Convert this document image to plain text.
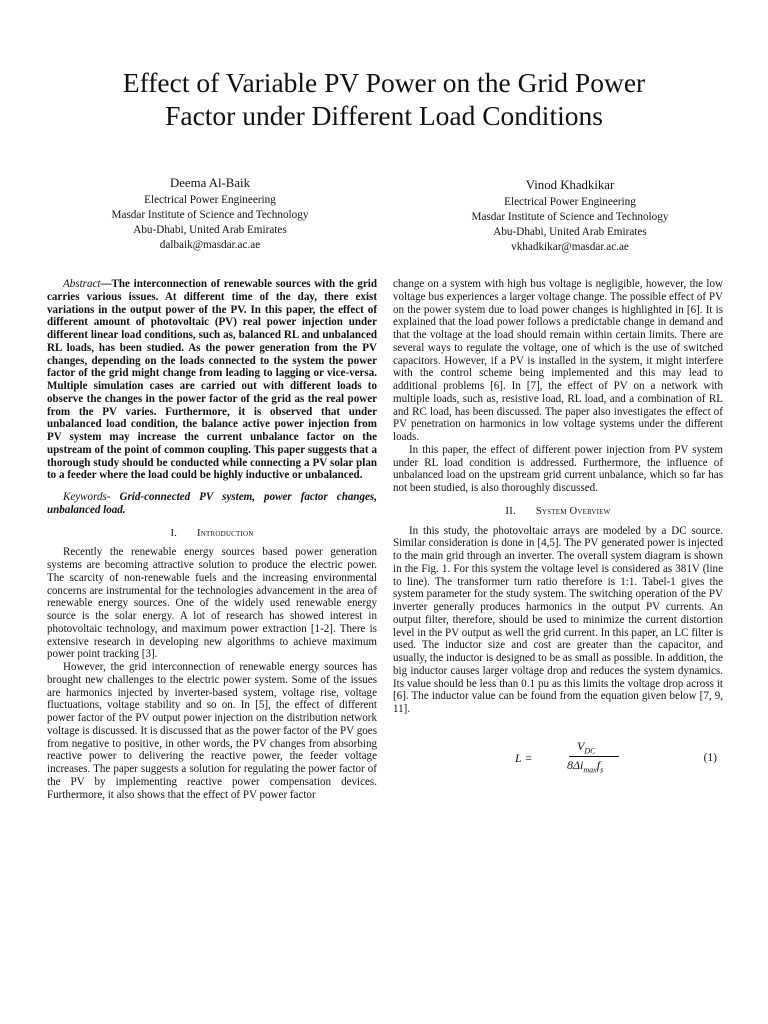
Effect of Variable PV Power on the Grid Power
Factor under Different Load Conditions
Deema Al-Baik
Electrical Power Engineering
Masdar Institute of Science and Technology
Abu-Dhabi, United Arab Emirates
dalbaik@masdar.ac.ae
Vinod Khadkikar
Electrical Power Engineering
Masdar Institute of Science and Technology
Abu-Dhabi, United Arab Emirates
vkhadkikar@masdar.ac.ae

Abstract—The interconnection of renewable sources with the grid carries various issues. At different time of the day, there exist variations in the output power of the PV. In this paper, the effect of different amount of photovoltaic (PV) real power injection under different linear load conditions, such as, balanced RL and unbalanced RL loads, has been studied. As the power generation from the PV changes, depending on the loads connected to the system the power factor of the grid might change from leading to lagging or vice-versa. Multiple simulation cases are carried out with different loads to observe the changes in the power factor of the grid as the real power from the PV varies. Furthermore, it is observed that under unbalanced load condition, the balance active power injection from PV system may increase the current unbalance factor on the upstream of the point of common coupling. This paper suggests that a thorough study should be conducted while connecting a PV solar plan to a feeder where the load could be highly inductive or unbalanced.

Keywords- Grid-connected PV system, power factor changes, unbalanced load.

I. Introduction

Recently the renewable energy sources based power generation systems are becoming attractive solution to produce the electric power. The scarcity of non-renewable fuels and the increasing environmental concerns are instrumental for the technologies advancement in the area of renewable energy sources. One of the widely used renewable energy source is the solar energy. A lot of research has showed interest in photovoltaic technology, and maximum power extraction [1-2]. There is extensive research in developing new algorithms to achieve maximum power point tracking [3].

However, the grid interconnection of renewable energy sources has brought new challenges to the electric power system. Some of the issues are harmonics injected by inverter-based system, voltage rise, voltage fluctuations, voltage stability and so on. In [5], the effect of different power factor of the PV output power injection on the distribution network voltage is discussed. It is discussed that as the power factor of the PV goes from negative to positive, in other words, the PV changes from absorbing reactive power to delivering the reactive power, the feeder voltage increases. The paper suggests a solution for regulating the power factor of the PV by implementing reactive power compensation devices. Furthermore, it also shows that the effect of PV power factor

change on a system with high bus voltage is negligible, however, the low voltage bus experiences a larger voltage change. The possible effect of PV on the power system due to load power changes is highlighted in [6]. It is explained that the load power follows a predictable change in demand and that the voltage at the load should remain within certain limits. There are several ways to regulate the voltage, one of which is the use of switched capacitors. However, if a PV is installed in the system, it might interfere with the control scheme being implemented and this may lead to additional problems [6]. In [7], the effect of PV on a network with multiple loads, such as, resistive load, RL load, and a combination of RL and RC load, has been discussed. The paper also investigates the effect of PV penetration on harmonics in low voltage systems under the different loads.

In this paper, the effect of different power injection from PV system under RL load condition is addressed. Furthermore, the influence of unbalanced load on the upstream grid current unbalance, which so far has not been studied, is also thoroughly discussed.

II. System Overview

In this study, the photovoltaic arrays are modeled by a DC source. Similar consideration is done in [4,5]. The PV generated power is injected to the main grid through an inverter. The overall system diagram is shown in the Fig. 1. For this system the voltage level is considered as 381V (line to line). The transformer turn ratio therefore is 1:1. Tabel-1 gives the system parameter for the study system. The switching operation of the PV inverter generally produces harmonics in the output PV currents. An output filter, therefore, should be used to minimize the current distortion level in the PV output as well the grid current. In this paper, an LC filter is used. The inductor size and cost are greater than the capacitor, and usually, the inductor is designed to be as small as possible. In addition, the big inductor causes larger voltage drop and reduces the system dynamics. Its value should be less than 0.1 pu as this limits the voltage drop across it [6]. The inductor value can be found from the equation given below [7, 9, 11].

L =
$V_{DC}$
$8\Delta i_{max}f_s$
(1)
